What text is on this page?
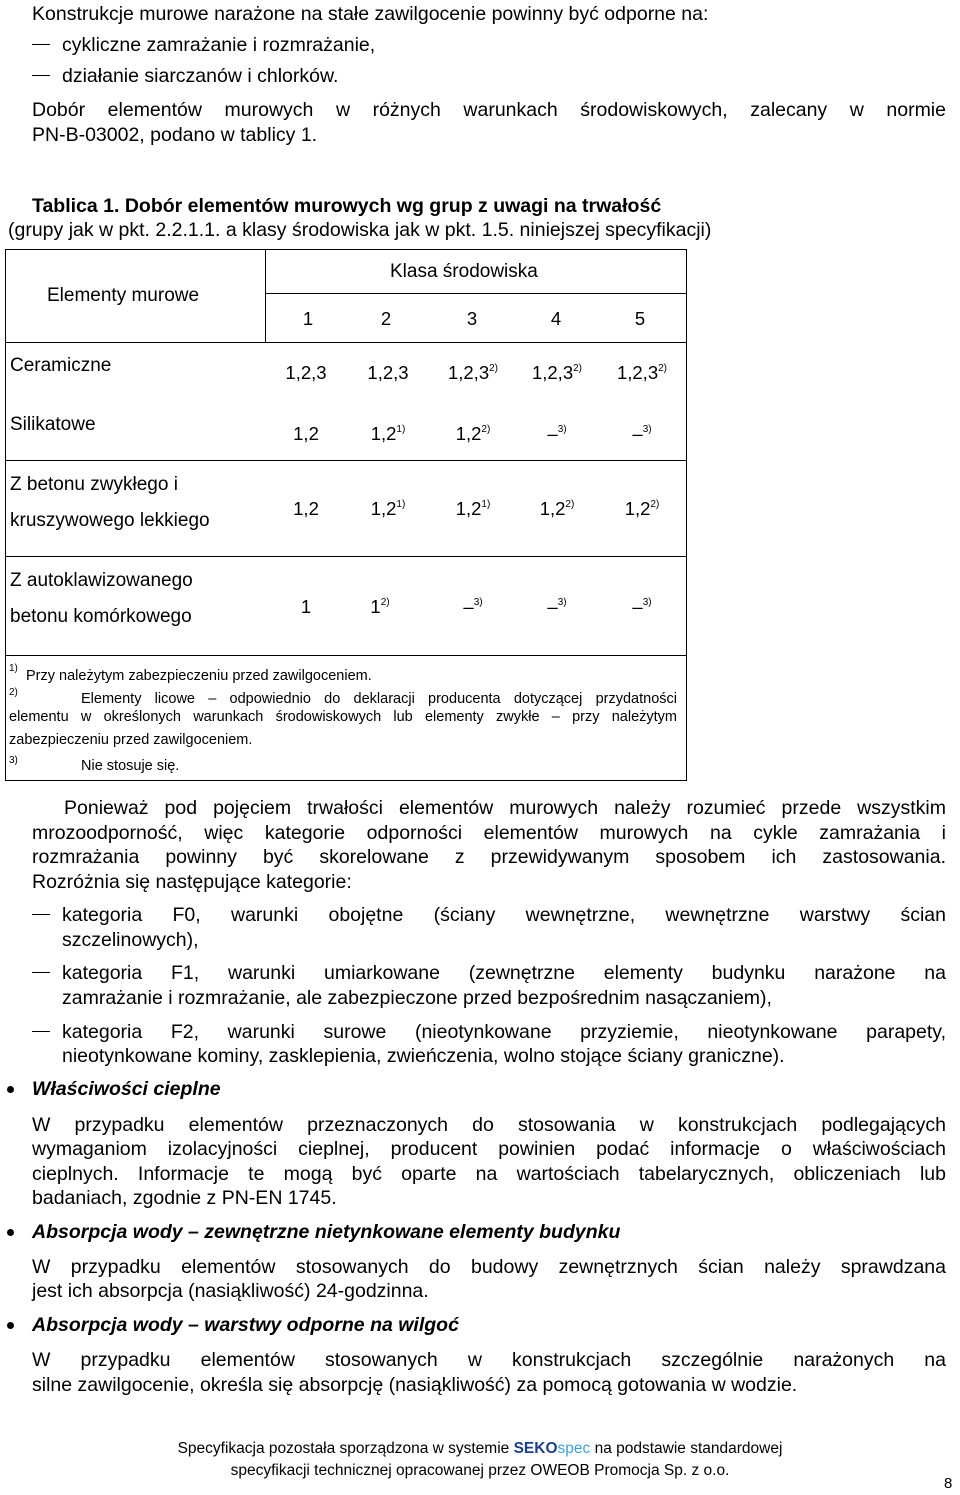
Konstrukcje murowe narażone na stałe zawilgocenie powinny być odporne na:
cykliczne zamrażanie i rozmrażanie,
działanie siarczanów i chlorków.
Dobór elementów murowych w różnych warunkach środowiskowych, zalecany w normie
PN-B-03002, podano w tablicy 1.
Tablica 1. Dobór elementów murowych wg grup z uwagi na trwałość
(grupy jak w pkt. 2.2.1.1. a klasy środowiska jak w pkt. 1.5. niniejszej specyfikacji)
Elementy murowe
Klasa środowiska
1	2	3	4	5
Ceramiczne	1,2,3	1,2,3	1,2,3$^{2)}$	1,2,3$^{2)}$	1,2,3$^{2)}$
Silikatowe	1,2	1,2$^{1)}$	1,2$^{2)}$	–$^{3)}$	–$^{3)}$
Z betonu zwykłego i
kruszywowego lekkiego
1,2	1,2$^{1)}$	1,2$^{1)}$	1,2$^{2)}$	1,2$^{2)}$
Z autoklawizowanego
betonu komórkowego	1	1$^{2)}$	–$^{3)}$	–$^{3)}$	–$^{3)}$
1) Przy należytym zabezpieczeniu przed zawilgoceniem.
2)	Elementy licowe – odpowiednio do deklaracji producenta dotyczącej przydatności
elementu w określonych warunkach środowiskowych lub elementy zwykłe – przy należytym
zabezpieczeniu przed zawilgoceniem.
3)	Nie stosuje się.
Ponieważ pod pojęciem trwałości elementów murowych należy rozumieć przede wszystkim
mrozoodporność, więc kategorie odporności elementów murowych na cykle zamrażania i
rozmrażania powinny być skorelowane z przewidywanym sposobem ich zastosowania.
Rozróżnia się następujące kategorie:
kategoria F0, warunki obojętne (ściany wewnętrzne, wewnętrzne warstwy ścian
szczelinowych),
kategoria F1, warunki umiarkowane (zewnętrzne elementy budynku narażone na
zamrażanie i rozmrażanie, ale zabezpieczone przed bezpośrednim nasączaniem),
kategoria F2, warunki surowe (nieotynkowane przyziemie, nieotynkowane parapety,
nieotynkowane kominy, zasklepienia, zwieńczenia, wolno stojące ściany graniczne).
Właściwości cieplne
W przypadku elementów przeznaczonych do stosowania w konstrukcjach podlegających
wymaganiom izolacyjności cieplnej, producent powinien podać informacje o właściwościach
cieplnych. Informacje te mogą być oparte na wartościach tabelarycznych, obliczeniach lub
badaniach, zgodnie z PN-EN 1745.
Absorpcja wody – zewnętrzne nietynkowane elementy budynku
W przypadku elementów stosowanych do budowy zewnętrznych ścian należy sprawdzana
jest ich absorpcja (nasiąkliwość) 24-godzinna.
Absorpcja wody – warstwy odporne na wilgoć
W przypadku elementów stosowanych w konstrukcjach szczególnie narażonych na
silne zawilgocenie, określa się absorpcję (nasiąkliwość) za pomocą gotowania w wodzie.
Specyfikacja pozostała sporządzona w systemie SEKOspec na podstawie standardowej
specyfikacji technicznej opracowanej przez OWEOB Promocja Sp. z o.o.
8
